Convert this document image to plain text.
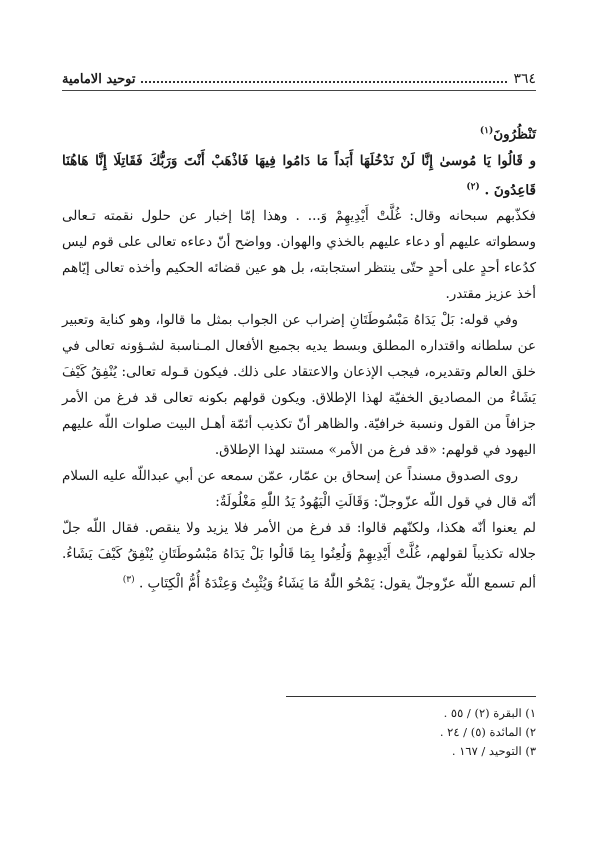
٣٦٤
توحيد الامامية

تَنْظُرُونَ$^{(١)}$

و قَالُوا يَا مُوسىٰ إِنَّا لَنْ نَدْخُلَهَا أَبَداً مَا دَامُوا فِيهَا فَاذْهَبْ أَنْتَ وَرَبُّكَ فَقَاتِلَا إِنَّا هَاهُنَا قَاعِدُونَ . $^{(٢)}$

فكذّبهم سبحانه وقال: غُلَّتْ أَيْدِيهِمْ وَ... . وهذا إمّا إخبار عن حلول نقمته تـعالى وسطواته عليهم أو دعاء عليهم بالخذي والهوان. وواضح أنّ دعاءه تعالى على قوم ليس كدُعاء أحدٍ على أحدٍ حتّى ينتظر استجابته، بل هو عين قضائه الحكيم وأخذه تعالى إيّاهم أخذ عزيز مقتدر.

وفي قوله: بَلْ يَدَاهُ مَبْسُوطَتَانِ إضراب عن الجواب بمثل ما قالوا، وهو كناية وتعبير عن سلطانه واقتداره المطلق وبسط يديه بجميع الأفعال المـناسبة لشـؤونه تعالى في خلق العالم وتقديره، فيجب الإذعان والاعتقاد على ذلك. فيكون قـوله تعالى: يُنْفِقُ كَيْفَ يَشَاءُ من المصاديق الخفيّة لهذا الإطلاق. ويكون قولهم بكونه تعالى قد فرغ من الأمر جزافاً من القول ونسبة خرافيّة. والظاهر أنّ تكذيب أئمّة أهـل البيت صلوات اللّه عليهم اليهود في قولهم: «قد فرغ من الأمر» مستند لهذا الإطلاق.

روى الصدوق مسنداً عن إسحاق بن عمّار، عمّن سمعه عن أبي عبداللّه عليه السلام أنّه قال في قول اللّه عزّوجلّ: وَقَالَتِ الْيَهُودُ يَدُ اللّٰهِ مَغْلُولَةٌ:

لم يعنوا أنّه هكذا، ولكنّهم قالوا: قد فرغ من الأمر فلا يزيد ولا ينقص. فقال اللّه جلّ جلاله تكذيباً لقولهم، غُلَّتْ أَيْدِيهِمْ وَلُعِنُوا بِمَا قَالُوا بَلْ يَدَاهُ مَبْسُوطَتَانِ يُنْفِقُ كَيْفَ يَشَاءُ. ألم تسمع اللّه عزّوجلّ يقول: يَمْحُو اللّٰهُ مَا يَشَاءُ وَيُثْبِتُ وَعِنْدَهُ أُمُّ الْكِتَابِ . $^{(٣)}$

١) البقرة (٢) / ٥٥ .
٢) المائدة (٥) / ٢٤ .
٣) التوحيد / ١٦٧ .
